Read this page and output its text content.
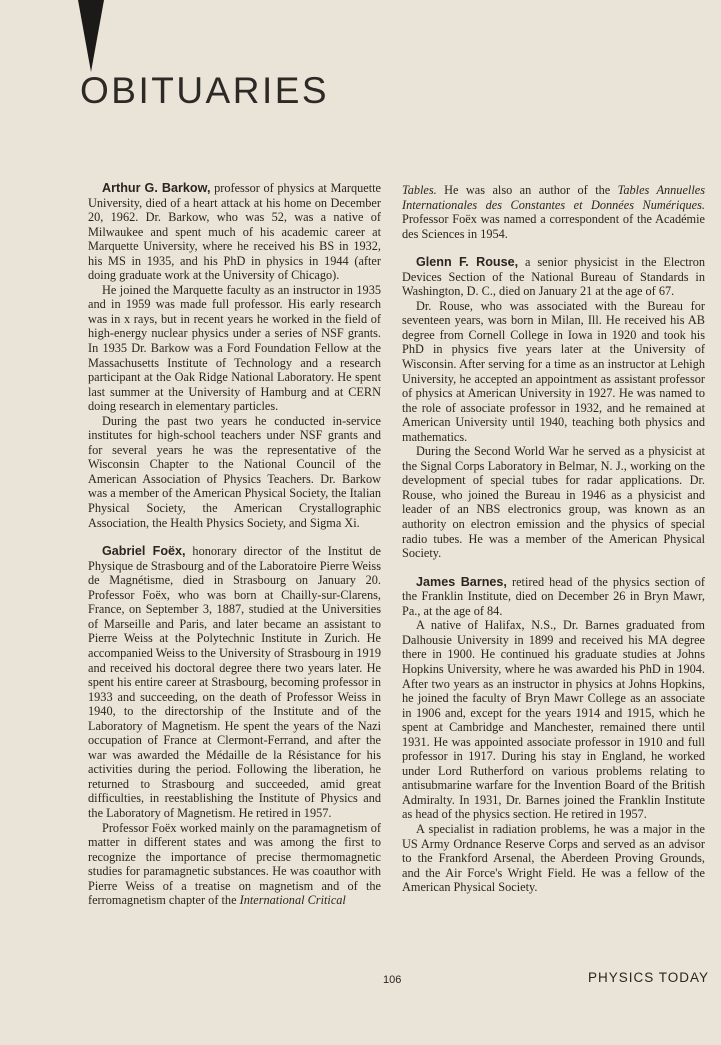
OBITUARIES

Arthur G. Barkow, professor of physics at Marquette University, died of a heart attack at his home on December 20, 1962. Dr. Barkow, who was 52, was a native of Milwaukee and spent much of his academic career at Marquette University, where he received his BS in 1932, his MS in 1935, and his PhD in physics in 1944 (after doing graduate work at the University of Chicago).

He joined the Marquette faculty as an instructor in 1935 and in 1959 was made full professor. His early research was in x rays, but in recent years he worked in the field of high-energy nuclear physics under a series of NSF grants. In 1935 Dr. Barkow was a Ford Foundation Fellow at the Massachusetts Institute of Technology and a research participant at the Oak Ridge National Laboratory. He spent last summer at the University of Hamburg and at CERN doing research in elementary particles.

During the past two years he conducted in-service institutes for high-school teachers under NSF grants and for several years he was the representative of the Wisconsin Chapter to the National Council of the American Association of Physics Teachers. Dr. Barkow was a member of the American Physical Society, the Italian Physical Society, the American Crystallographic Association, the Health Physics Society, and Sigma Xi.

Gabriel Foëx, honorary director of the Institut de Physique de Strasbourg and of the Laboratoire Pierre Weiss de Magnétisme, died in Strasbourg on January 20. Professor Foëx, who was born at Chailly-sur-Clarens, France, on September 3, 1887, studied at the Universities of Marseille and Paris, and later became an assistant to Pierre Weiss at the Polytechnic Institute in Zurich. He accompanied Weiss to the University of Strasbourg in 1919 and received his doctoral degree there two years later. He spent his entire career at Strasbourg, becoming professor in 1933 and succeeding, on the death of Professor Weiss in 1940, to the directorship of the Institute and of the Laboratory of Magnetism. He spent the years of the Nazi occupation of France at Clermont-Ferrand, and after the war was awarded the Médaille de la Résistance for his activities during the period. Following the liberation, he returned to Strasbourg and succeeded, amid great difficulties, in reestablishing the Institute of Physics and the Laboratory of Magnetism. He retired in 1957.

Professor Foëx worked mainly on the paramagnetism of matter in different states and was among the first to recognize the importance of precise thermomagnetic studies for paramagnetic substances. He was coauthor with Pierre Weiss of a treatise on magnetism and of the ferromagnetism chapter of the International Critical

Tables. He was also an author of the Tables Annuelles Internationales des Constantes et Données Numériques. Professor Foëx was named a correspondent of the Académie des Sciences in 1954.

Glenn F. Rouse, a senior physicist in the Electron Devices Section of the National Bureau of Standards in Washington, D. C., died on January 21 at the age of 67.

Dr. Rouse, who was associated with the Bureau for seventeen years, was born in Milan, Ill. He received his AB degree from Cornell College in Iowa in 1920 and took his PhD in physics five years later at the University of Wisconsin. After serving for a time as an instructor at Lehigh University, he accepted an appointment as assistant professor of physics at American University in 1927. He was named to the role of associate professor in 1932, and he remained at American University until 1940, teaching both physics and mathematics.

During the Second World War he served as a physicist at the Signal Corps Laboratory in Belmar, N. J., working on the development of special tubes for radar applications. Dr. Rouse, who joined the Bureau in 1946 as a physicist and leader of an NBS electronics group, was known as an authority on electron emission and the physics of special radio tubes. He was a member of the American Physical Society.

James Barnes, retired head of the physics section of the Franklin Institute, died on December 26 in Bryn Mawr, Pa., at the age of 84.

A native of Halifax, N.S., Dr. Barnes graduated from Dalhousie University in 1899 and received his MA degree there in 1900. He continued his graduate studies at Johns Hopkins University, where he was awarded his PhD in 1904. After two years as an instructor in physics at Johns Hopkins, he joined the faculty of Bryn Mawr College as an associate in 1906 and, except for the years 1914 and 1915, which he spent at Cambridge and Manchester, remained there until 1931. He was appointed associate professor in 1910 and full professor in 1917. During his stay in England, he worked under Lord Rutherford on various problems relating to antisubmarine warfare for the Invention Board of the British Admiralty. In 1931, Dr. Barnes joined the Franklin Institute as head of the physics section. He retired in 1957.

A specialist in radiation problems, he was a major in the US Army Ordnance Reserve Corps and served as an advisor to the Frankford Arsenal, the Aberdeen Proving Grounds, and the Air Force's Wright Field. He was a fellow of the American Physical Society.

106	PHYSICS TODAY
